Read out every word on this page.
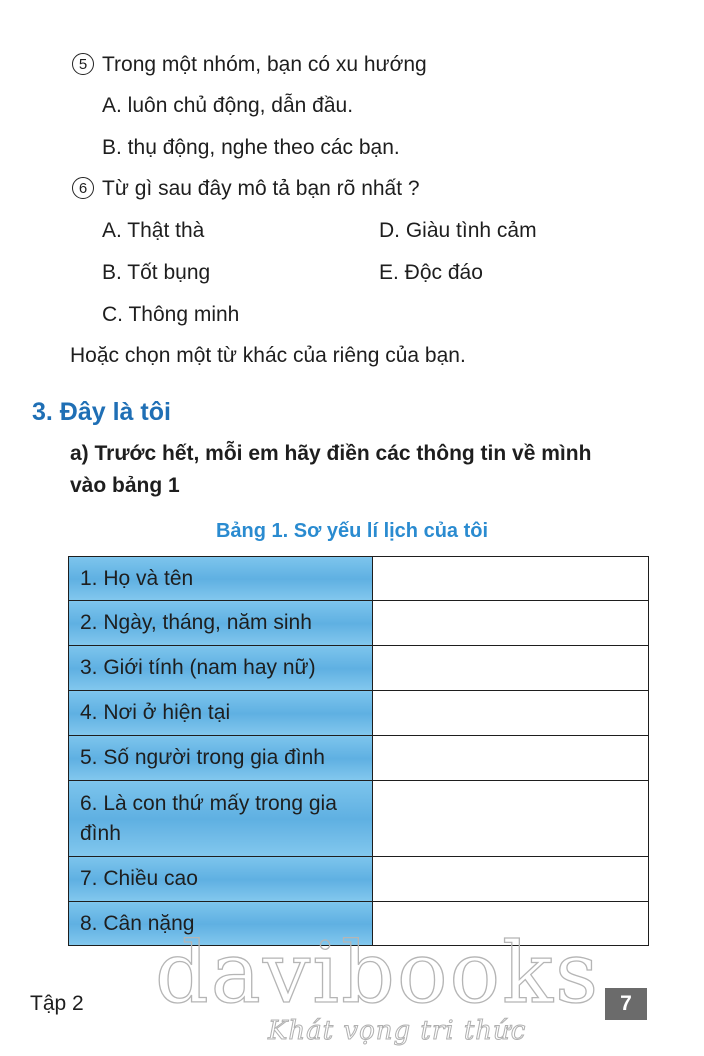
5 Trong một nhóm, bạn có xu hướng
A. luôn chủ động, dẫn đầu.
B. thụ động, nghe theo các bạn.
6 Từ gì sau đây mô tả bạn rõ nhất ?
A. Thật thà	D. Giàu tình cảm
B. Tốt bụng	E. Độc đáo
C. Thông minh
Hoặc chọn một từ khác của riêng của bạn.
3. Đây là tôi
a) Trước hết, mỗi em hãy điền các thông tin về mình
vào bảng 1
Bảng 1. Sơ yếu lí lịch của tôi
1. Họ và tên	
2. Ngày, tháng, năm sinh	
3. Giới tính (nam hay nữ)	
4. Nơi ở hiện tại	
5. Số người trong gia đình	
6. Là con thứ mấy trong gia đình	
7. Chiều cao	
8. Cân nặng	
davibooks
Khát vọng tri thức
Tập 2	7
